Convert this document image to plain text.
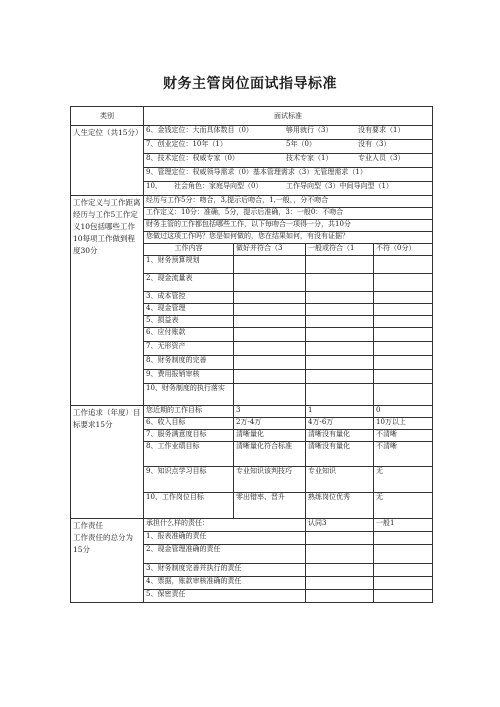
财务主管岗位面试指导标准
类别	面试标准			
人生定位（共15分）	6、金钱定位：大而具体数目（0） 够用就行（3） 没有要求（1）			
	7、创业定位：10年（1） 5年（0） 没有（3）			
	8、技术定位：权威专家（0） 技术专家（1） 专业人员（3）			
	9、管理定位：权威领导需求（0）基本管理需求（3）无管理需求（1）			
	10、 社会角色：家庭导向型（0） 工作导向型（3）中间导向型（1）			
工作定义与工作距离经历与工作5工作定义10包括哪些工作10每项工作做到程度30分	经历与工作5分：吻合，3,提示后吻合，1,一般，，分不吻合			
	工作定义：10分：准确，5分，提示后准确，3：一般0：不吻合			
	财务主管的工作都包括哪些工作，以下每吻合一项得一分，共10分			
	您做过这项工作吗？您是如何做的，您在结果如何，有没有证据？			
	工作内容	做好并符合（3	一般或符合（1	不符（0分）
	1、财务预算规划			
	2、现金流量表			
	3、成本管控			
	4、现金管理			
	5、损益表			
	6、应付账款			
	7、无形资产			
	8、财务制度的完善			
	9、费用报销审核			
	10、财务制度的执行落实			
工作追求（年度）目标要求15分	您近期的工作目标	3	1	0
	6、收入目标	2万-4万	4万-6万	10万以上
	7、服务满意度目标	清晰量化	清晰没有量化	不清晰
	8、工作业绩目标	清晰量化符合标准	清晰没有量化	不清晰
	9、知识点学习目标	专业知识该判技巧	专业知识	无
	10、工作岗位目标	零出错率、晋升	熟练岗位优秀	无
工作责任
工作责任的总分为15分	承担什么样的责任：		认同3	一般1
	1、报表准确的责任			
	2、现金管理准确的责任			
	3、财务制度完善并执行的责任			
	4、票据，账款审核准确的责任			
	5、保密责任			
